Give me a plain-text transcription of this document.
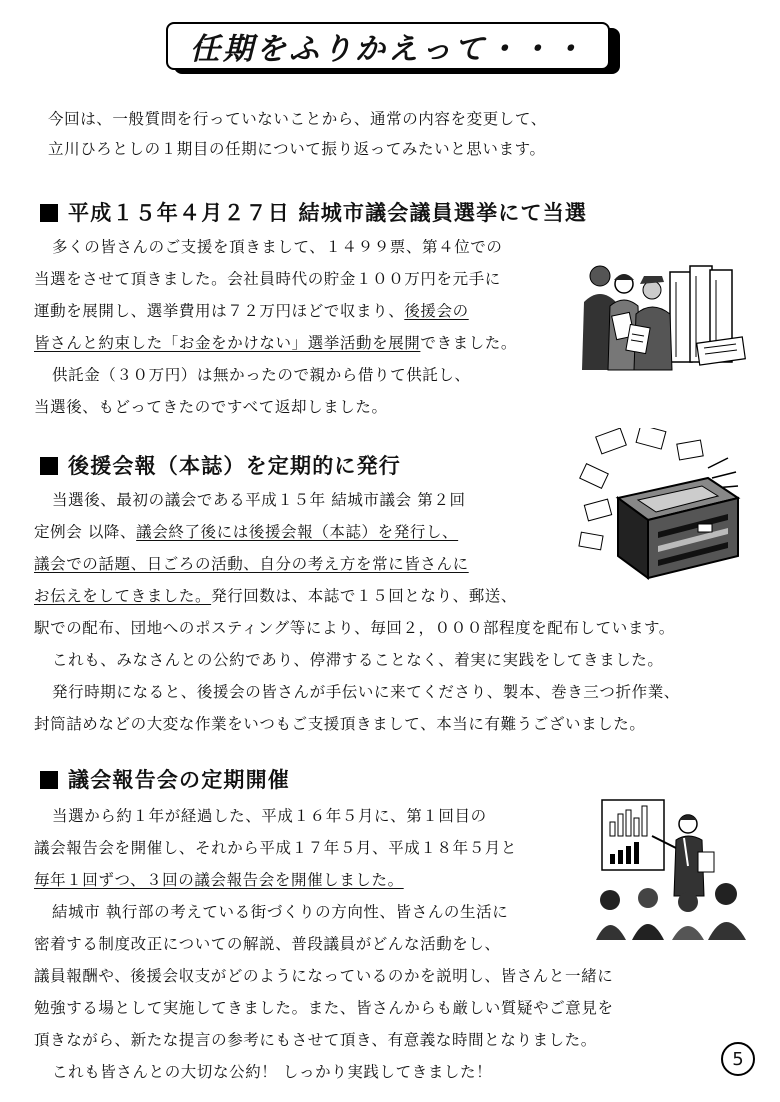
任期をふりかえって・・・
今回は、一般質問を行っていないことから、通常の内容を変更して、
立川ひろとしの１期目の任期について振り返ってみたいと思います。
平成１５年４月２７日 結城市議会議員選挙にて当選
多くの皆さんのご支援を頂きまして、１４９９票、第４位での
当選をさせて頂きました。会社員時代の貯金１００万円を元手に
運動を展開し、選挙費用は７２万円ほどで収まり、後援会の
皆さんと約束した「お金をかけない」選挙活動を展開できました。
供託金（３０万円）は無かったので親から借りて供託し、
当選後、もどってきたのですべて返却しました。
後援会報（本誌）を定期的に発行
当選後、最初の議会である平成１５年 結城市議会 第２回
定例会 以降、議会終了後には後援会報（本誌）を発行し、
議会での話題、日ごろの活動、自分の考え方を常に皆さんに
お伝えをしてきました。発行回数は、本誌で１５回となり、郵送、
駅での配布、団地へのポスティング等により、毎回２，０００部程度を配布しています。
これも、みなさんとの公約であり、停滞することなく、着実に実践をしてきました。
発行時期になると、後援会の皆さんが手伝いに来てくださり、製本、巻き三つ折作業、
封筒詰めなどの大変な作業をいつもご支援頂きまして、本当に有難うございました。
議会報告会の定期開催
当選から約１年が経過した、平成１６年５月に、第１回目の
議会報告会を開催し、それから平成１７年５月、平成１８年５月と
毎年１回ずつ、３回の議会報告会を開催しました。
結城市 執行部の考えている街づくりの方向性、皆さんの生活に
密着する制度改正についての解説、普段議員がどんな活動をし、
議員報酬や、後援会収支がどのようになっているのかを説明し、皆さんと一緒に
勉強する場として実施してきました。また、皆さんからも厳しい質疑やご意見を
頂きながら、新たな提言の参考にもさせて頂き、有意義な時間となりました。
これも皆さんとの大切な公約！ しっかり実践してきました！
5
